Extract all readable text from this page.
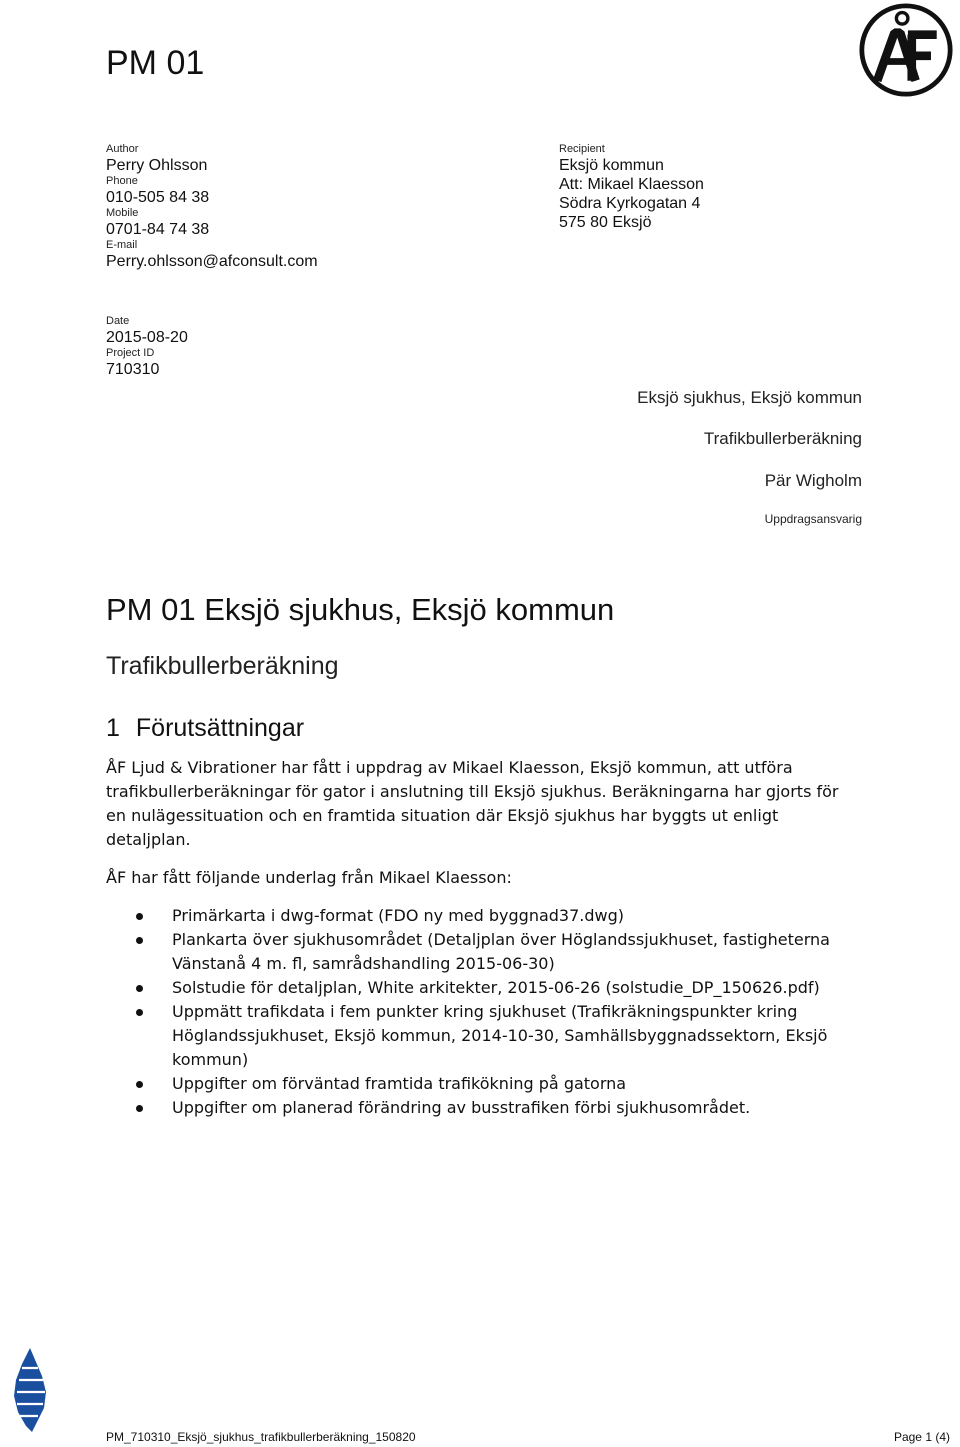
PM 01
Author
Perry Ohlsson
Phone
010-505 84 38
Mobile
0701-84 74 38
E-mail
Perry.ohlsson@afconsult.com
Recipient
Eksjö kommun
Att: Mikael Klaesson
Södra Kyrkogatan 4
575 80 Eksjö
Date
2015-08-20
Project ID
710310
Eksjö sjukhus, Eksjö kommun
Trafikbullerberäkning
Pär Wigholm
Uppdragsansvarig
PM 01 Eksjö sjukhus, Eksjö kommun
Trafikbullerberäkning
1 Förutsättningar
ÅF Ljud & Vibrationer har fått i uppdrag av Mikael Klaesson, Eksjö kommun, att utföra trafikbullerberäkningar för gator i anslutning till Eksjö sjukhus. Beräkningarna har gjorts för en nulägessituation och en framtida situation där Eksjö sjukhus har byggts ut enligt detaljplan.
ÅF har fått följande underlag från Mikael Klaesson:
Primärkarta i dwg-format (FDO ny med byggnad37.dwg)
Plankarta över sjukhusområdet (Detaljplan över Höglandssjukhuset, fastigheterna Vänstanå 4 m. fl, samrådshandling 2015-06-30)
Solstudie för detaljplan, White arkitekter, 2015-06-26 (solstudie_DP_150626.pdf)
Uppmätt trafikdata i fem punkter kring sjukhuset (Trafikräkningspunkter kring Höglandssjukhuset, Eksjö kommun, 2014-10-30, Samhällsbyggnadssektorn, Eksjö kommun)
Uppgifter om förväntad framtida trafikökning på gatorna
Uppgifter om planerad förändring av busstrafiken förbi sjukhusområdet.
PM_710310_Eksjö_sjukhus_trafikbullerberäkning_150820	Page 1 (4)
